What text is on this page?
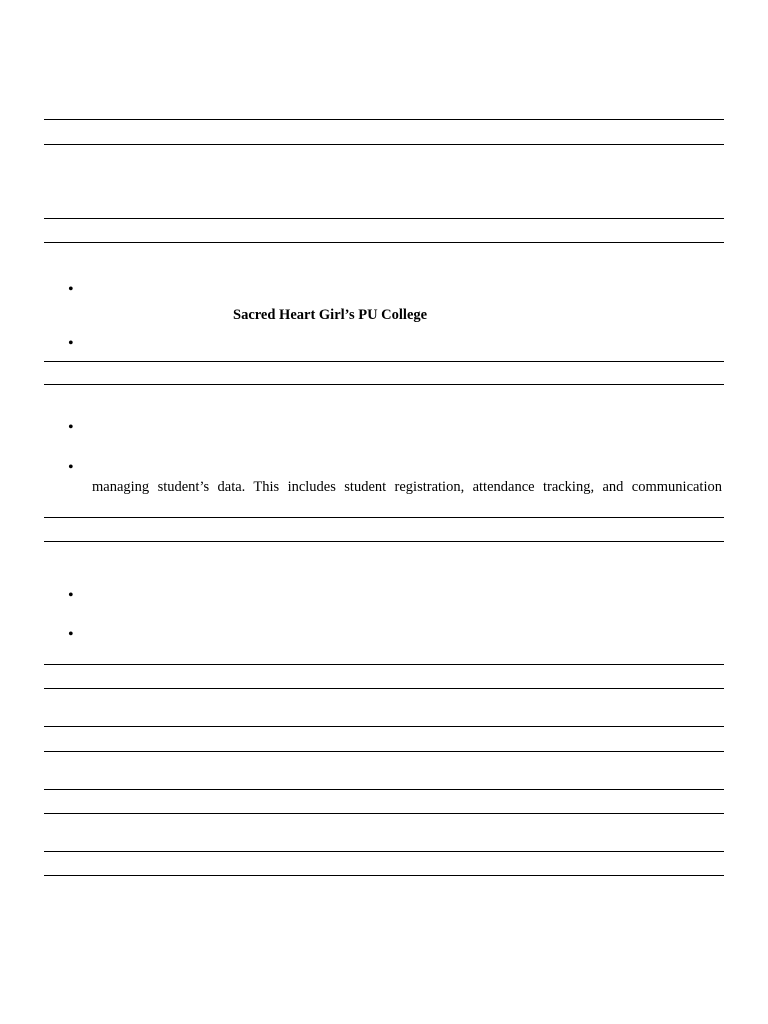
•
Sacred Heart Girl’s PU College
•
•
•
managing student’s data. This includes student registration, attendance tracking, and communication
•
•
